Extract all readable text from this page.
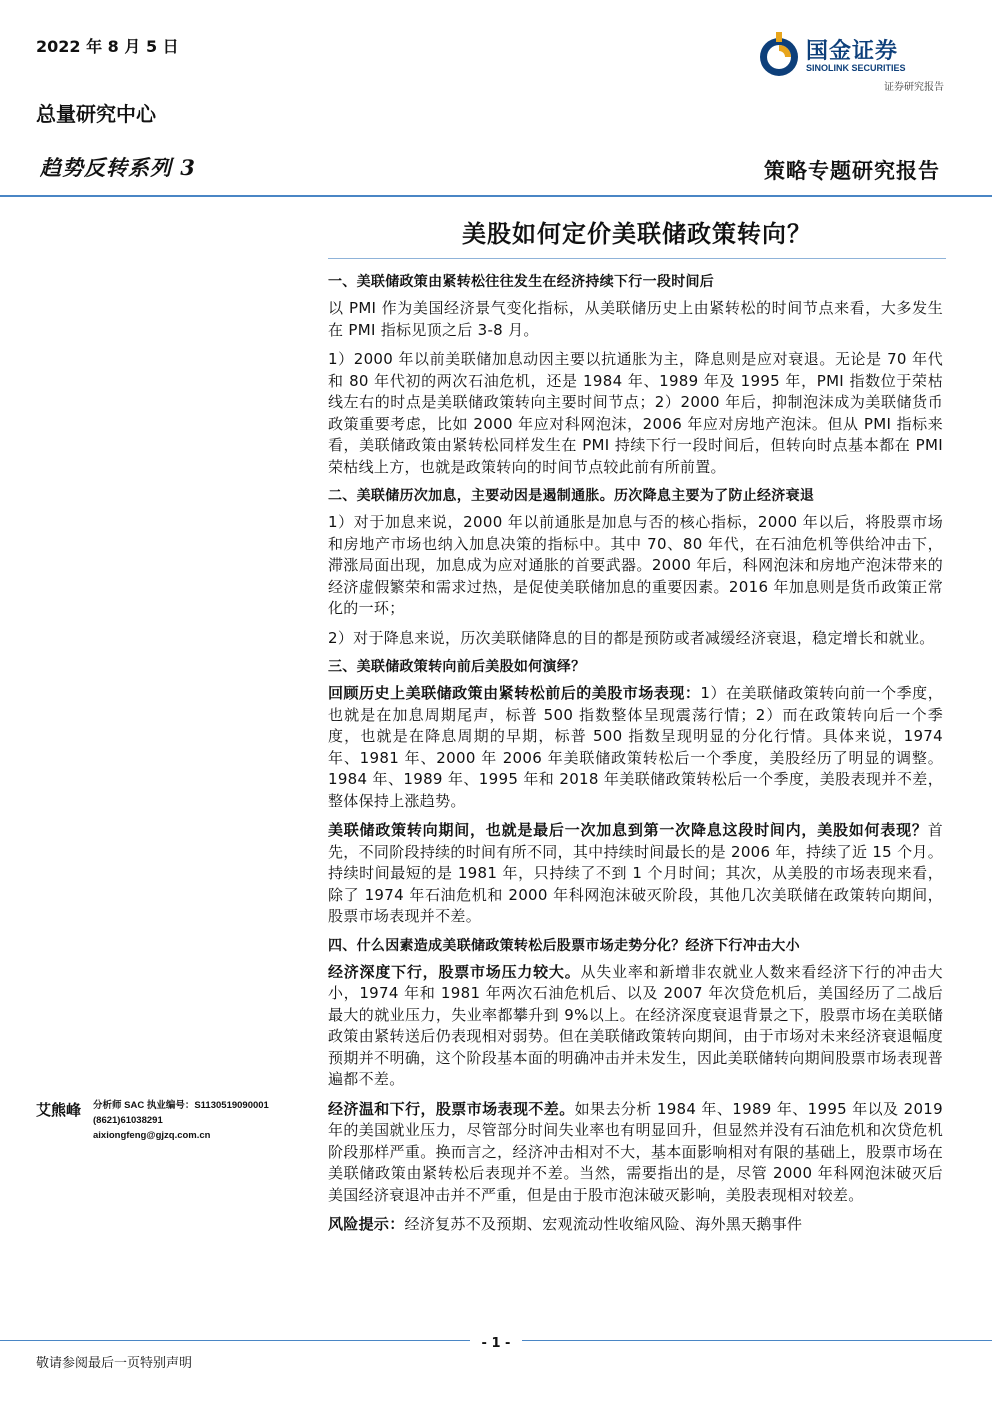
2022 年 8 月 5 日	国金证券
SINOLINK SECURITIES
证券研究报告
总量研究中心
趋势反转系列 3	策略专题研究报告
美股如何定价美联储政策转向？
一、美联储政策由紧转松往往发生在经济持续下行一段时间后

以 PMI 作为美国经济景气变化指标，从美联储历史上由紧转松的时间节点来看，大多发生在 PMI 指标见顶之后 3-8 月。

1）2000 年以前美联储加息动因主要以抗通胀为主，降息则是应对衰退。无论是 70 年代和 80 年代初的两次石油危机，还是 1984 年、1989 年及 1995 年，PMI 指数位于荣枯线左右的时点是美联储政策转向主要时间节点；2）2000 年后，抑制泡沫成为美联储货币政策重要考虑，比如 2000 年应对科网泡沫，2006 年应对房地产泡沫。但从 PMI 指标来看，美联储政策由紧转松同样发生在 PMI 持续下行一段时间后，但转向时点基本都在 PMI 荣枯线上方，也就是政策转向的时间节点较此前有所前置。

二、美联储历次加息，主要动因是遏制通胀。历次降息主要为了防止经济衰退

1）对于加息来说，2000 年以前通胀是加息与否的核心指标，2000 年以后，将股票市场和房地产市场也纳入加息决策的指标中。其中 70、80 年代，在石油危机等供给冲击下，滞涨局面出现，加息成为应对通胀的首要武器。2000 年后，科网泡沫和房地产泡沫带来的经济虚假繁荣和需求过热，是促使美联储加息的重要因素。2016 年加息则是货币政策正常化的一环；

2）对于降息来说，历次美联储降息的目的都是预防或者减缓经济衰退，稳定增长和就业。

三、美联储政策转向前后美股如何演绎？

回顾历史上美联储政策由紧转松前后的美股市场表现：1）在美联储政策转向前一个季度，也就是在加息周期尾声，标普 500 指数整体呈现震荡行情；2）而在政策转向后一个季度，也就是在降息周期的早期，标普 500 指数呈现明显的分化行情。具体来说，1974 年、1981 年、2000 年 2006 年美联储政策转松后一个季度，美股经历了明显的调整。1984 年、1989 年、1995 年和 2018 年美联储政策转松后一个季度，美股表现并不差，整体保持上涨趋势。

美联储政策转向期间，也就是最后一次加息到第一次降息这段时间内，美股如何表现？首先，不同阶段持续的时间有所不同，其中持续时间最长的是 2006 年，持续了近 15 个月。持续时间最短的是 1981 年，只持续了不到 1 个月时间；其次，从美股的市场表现来看，除了 1974 年石油危机和 2000 年科网泡沫破灭阶段，其他几次美联储在政策转向期间，股票市场表现并不差。

四、什么因素造成美联储政策转松后股票市场走势分化？经济下行冲击大小

经济深度下行，股票市场压力较大。从失业率和新增非农就业人数来看经济下行的冲击大小，1974 年和 1981 年两次石油危机后、以及 2007 年次贷危机后，美国经历了二战后最大的就业压力，失业率都攀升到 9%以上。在经济深度衰退背景之下，股票市场在美联储政策由紧转送后仍表现相对弱势。但在美联储政策转向期间，由于市场对未来经济衰退幅度预期并不明确，这个阶段基本面的明确冲击并未发生，因此美联储转向期间股票市场表现普遍都不差。

经济温和下行，股票市场表现不差。如果去分析 1984 年、1989 年、1995 年以及 2019 年的美国就业压力，尽管部分时间失业率也有明显回升，但显然并没有石油危机和次贷危机阶段那样严重。换而言之，经济冲击相对不大，基本面影响相对有限的基础上，股票市场在美联储政策由紧转松后表现并不差。当然，需要指出的是，尽管 2000 年科网泡沫破灭后美国经济衰退冲击并不严重，但是由于股市泡沫破灭影响，美股表现相对较差。

风险提示：经济复苏不及预期、宏观流动性收缩风险、海外黑天鹅事件

艾熊峰 分析师 SAC 执业编号：S1130519090001
(8621)61038291
aixiongfeng@gjzq.com.cn
- 1 -
敬请参阅最后一页特别声明
